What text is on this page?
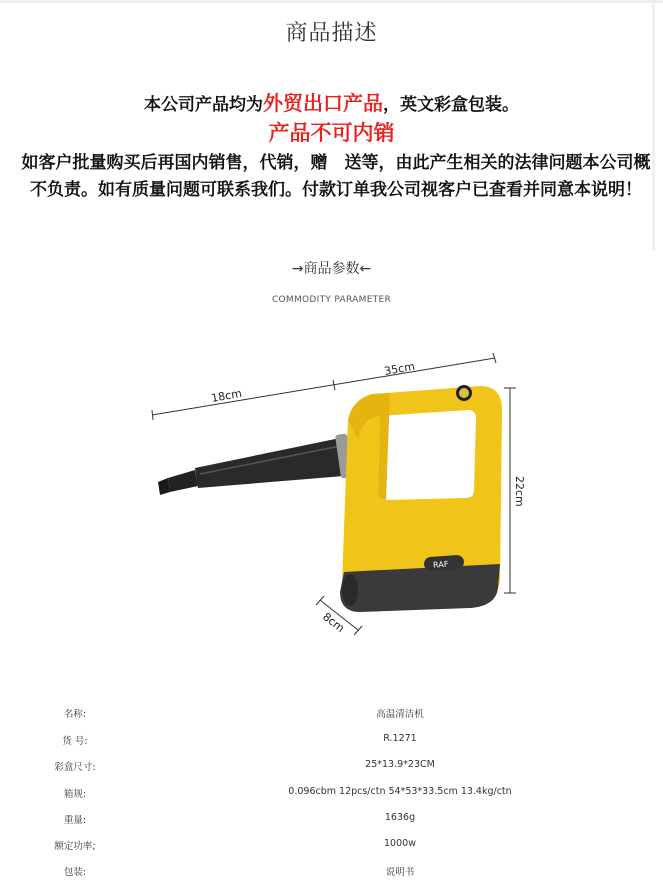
商品描述
本公司产品均为外贸出口产品，英文彩盒包装。
产品不可内销
如客户批量购买后再国内销售，代销，赠　送等，由此产生相关的法律问题本公司概不负责。如有质量问题可联系我们。付款订单我公司视客户已查看并同意本说明！
→商品参数←
COMMODITY PARAMETER
18cm
35cm
22cm
8cm
RAF
名称:	高温清洁机
货 号:	R.1271
彩盒尺寸:	25*13.9*23CM
箱规:	0.096cbm 12pcs/ctn 54*53*33.5cm 13.4kg/ctn
重量:	1636g
额定功率;	1000w
包装:	说明书
